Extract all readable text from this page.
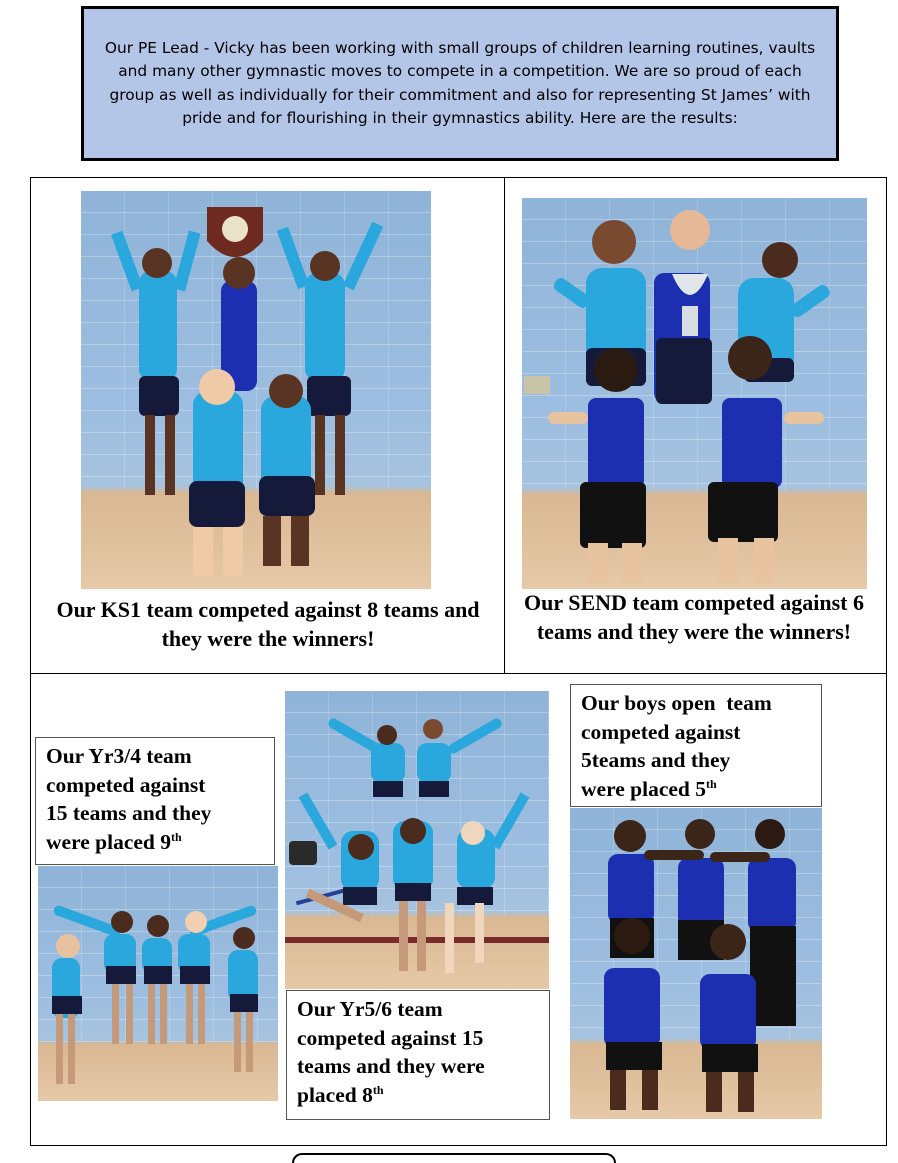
Our PE Lead - Vicky has been working with small groups of children learning routines, vaults and many other gymnastic moves to compete in a competition. We are so proud of each group as well as individually for their commitment and also for representing St James’ with pride and for flourishing in their gymnastics ability. Here are the results:
Our KS1 team competed against 8 teams and they were the winners!
Our SEND team competed against 6 teams and they were the winners!
Our Yr3/4 team
competed against
15 teams and they
were placed 9th
Our Yr5/6 team
competed against 15
teams and they were
placed 8th
Our boys open  team
competed against
5teams and they
were placed 5th
